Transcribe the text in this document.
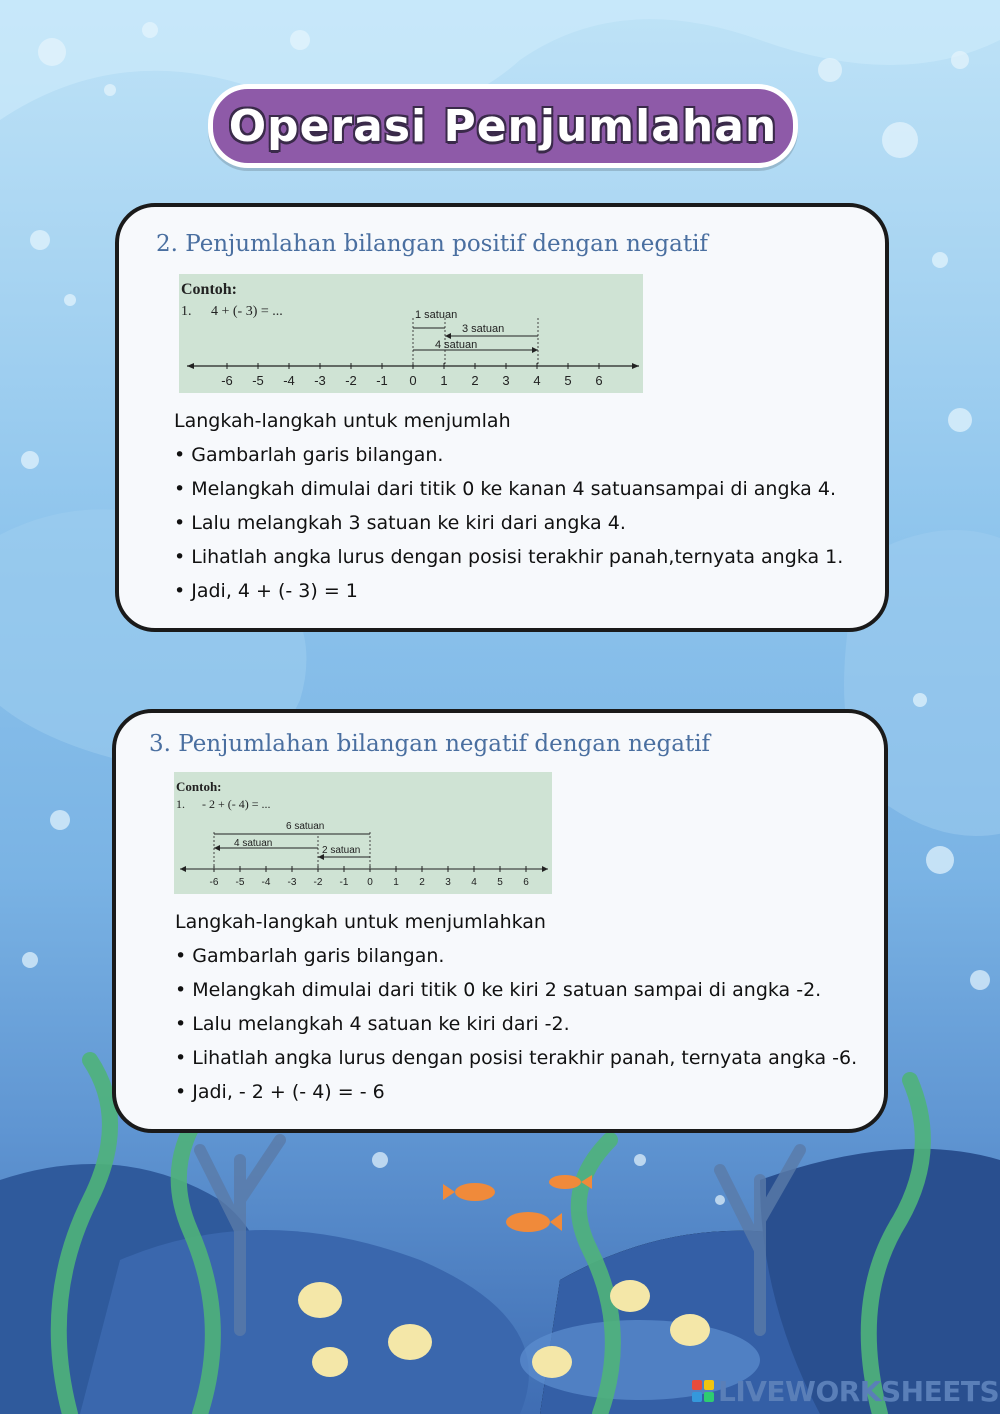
Operasi Penjumlahan
2. Penjumlahan bilangan positif dengan negatif
Contoh:
1. 4 + (- 3) = ...
-6 -5 -4 -3 -2 -1 0 1 2 3 4 5 6
1 satuan
3 satuan
4 satuan
Langkah-langkah untuk menjumlah
• Gambarlah garis bilangan.
• Melangkah dimulai dari titik 0 ke kanan 4 satuansampai di angka 4.
• Lalu melangkah 3 satuan ke kiri dari angka 4.
• Lihatlah angka lurus dengan posisi terakhir panah,ternyata angka 1.
• Jadi, 4 + (- 3) = 1
3. Penjumlahan bilangan negatif dengan negatif
Contoh:
1. - 2 + (- 4) = ...
-6 -5 -4 -3 -2 -1 0 1 2 3 4 5 6
6 satuan
4 satuan
2 satuan
Langkah-langkah untuk menjumlahkan
• Gambarlah garis bilangan.
• Melangkah dimulai dari titik 0 ke kiri 2 satuan sampai di angka -2.
• Lalu melangkah 4 satuan ke kiri dari -2.
• Lihatlah angka lurus dengan posisi terakhir panah, ternyata angka -6.
• Jadi, - 2 + (- 4) = - 6
LIVEWORKSHEETS
